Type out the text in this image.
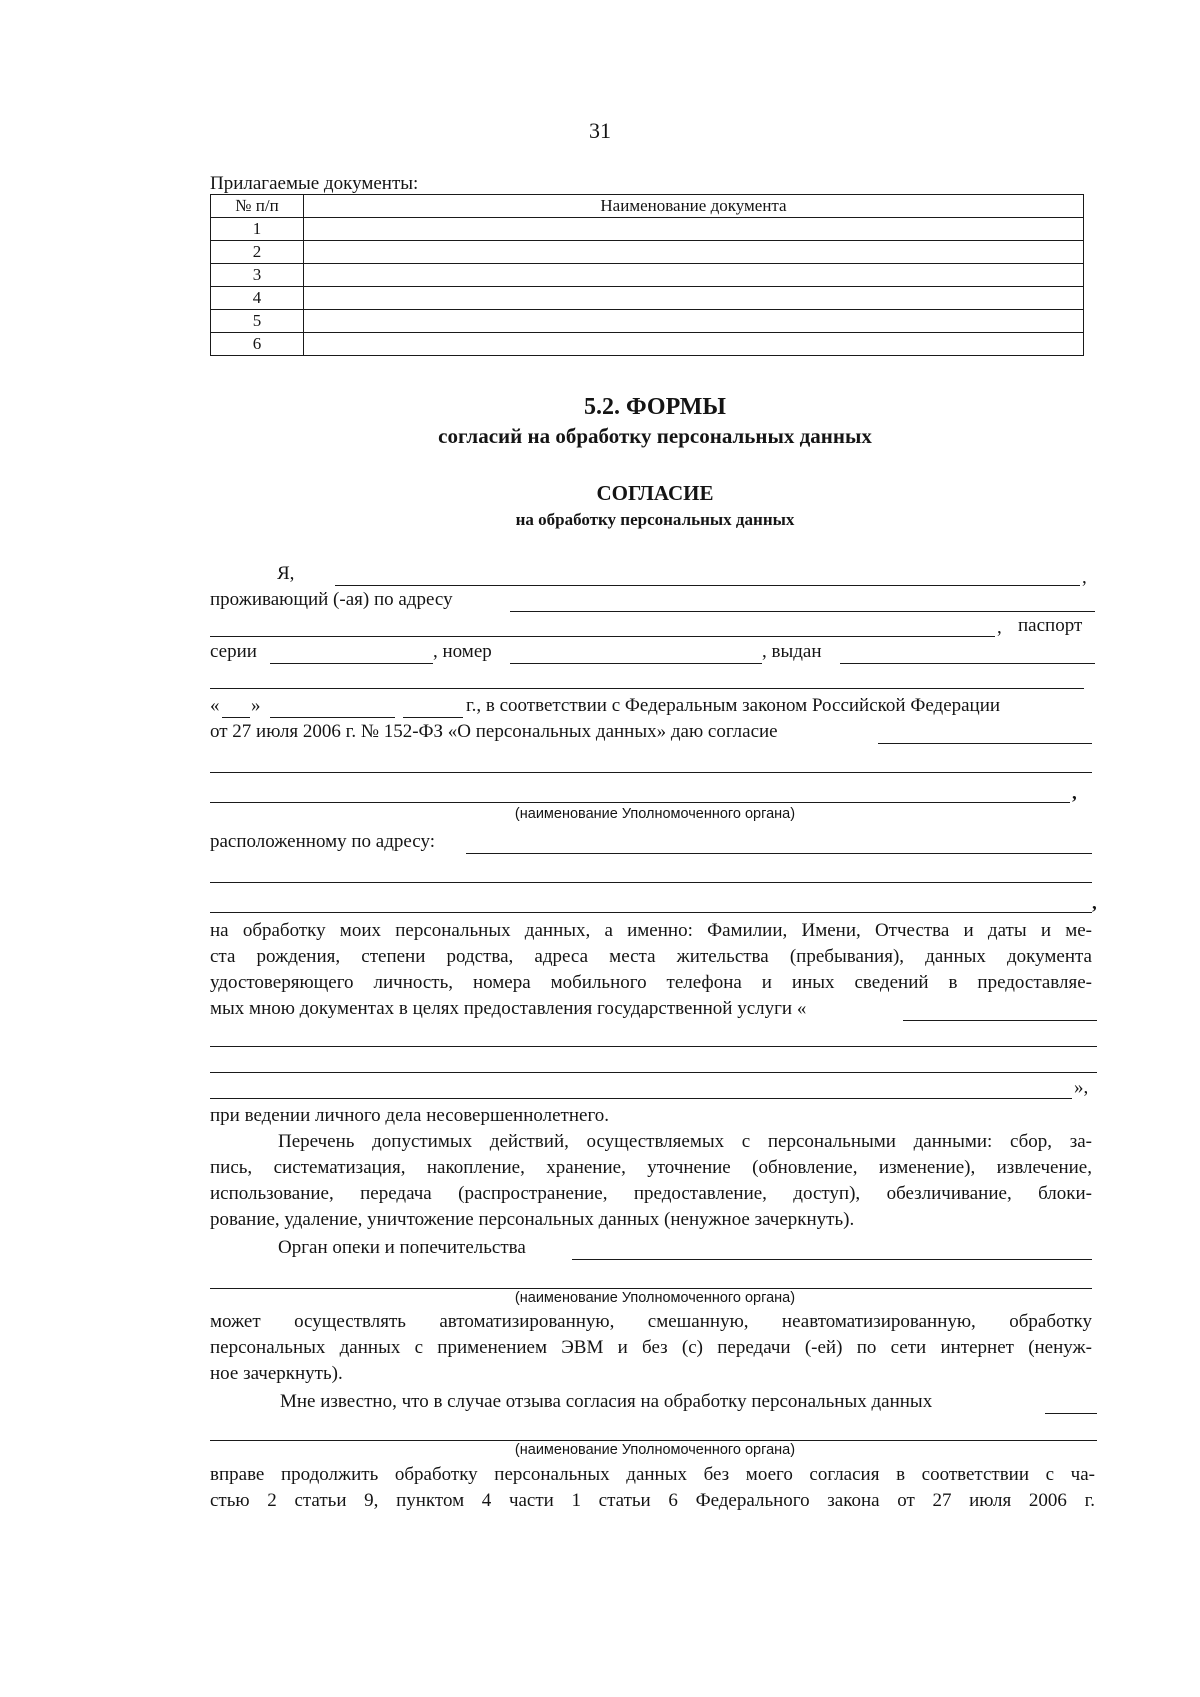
31
Прилагаемые документы:
№ п/п	Наименование документа
1	
2	
3	
4	
5	
6	
5.2. ФОРМЫ
согласий на обработку персональных данных
СОГЛАСИЕ
на обработку персональных данных
Я,	,
проживающий (-ая) по адресу
, паспорт
серии	, номер	, выдан
« »	г., в соответствии с Федеральным законом Российской Федерации
от 27 июля 2006 г. № 152-ФЗ «О персональных данных» даю согласие
,
(наименование Уполномоченного органа)
расположенному по адресу:
,
на обработку моих персональных данных, а именно: Фамилии, Имени, Отчества и даты и ме-
ста рождения, степени родства, адреса места жительства (пребывания), данных документа
удостоверяющего личность, номера мобильного телефона и иных сведений в предоставляе-
мых мною документах в целях предоставления государственной услуги «
»,
при ведении личного дела несовершеннолетнего.
Перечень допустимых действий, осуществляемых с персональными данными: сбор, за-
пись, систематизация, накопление, хранение, уточнение (обновление, изменение), извлечение,
использование, передача (распространение, предоставление, доступ), обезличивание, блоки-
рование, удаление, уничтожение персональных данных (ненужное зачеркнуть).
Орган опеки и попечительства
(наименование Уполномоченного органа)
может осуществлять автоматизированную, смешанную, неавтоматизированную, обработку
персональных данных с применением ЭВМ и без (с) передачи (-ей) по сети интернет (ненуж-
ное зачеркнуть).
Мне известно, что в случае отзыва согласия на обработку персональных данных
(наименование Уполномоченного органа)
вправе продолжить обработку персональных данных без моего согласия в соответствии с ча-
стью 2 статьи 9, пунктом 4 части 1 статьи 6 Федерального закона от 27 июля 2006 г.
